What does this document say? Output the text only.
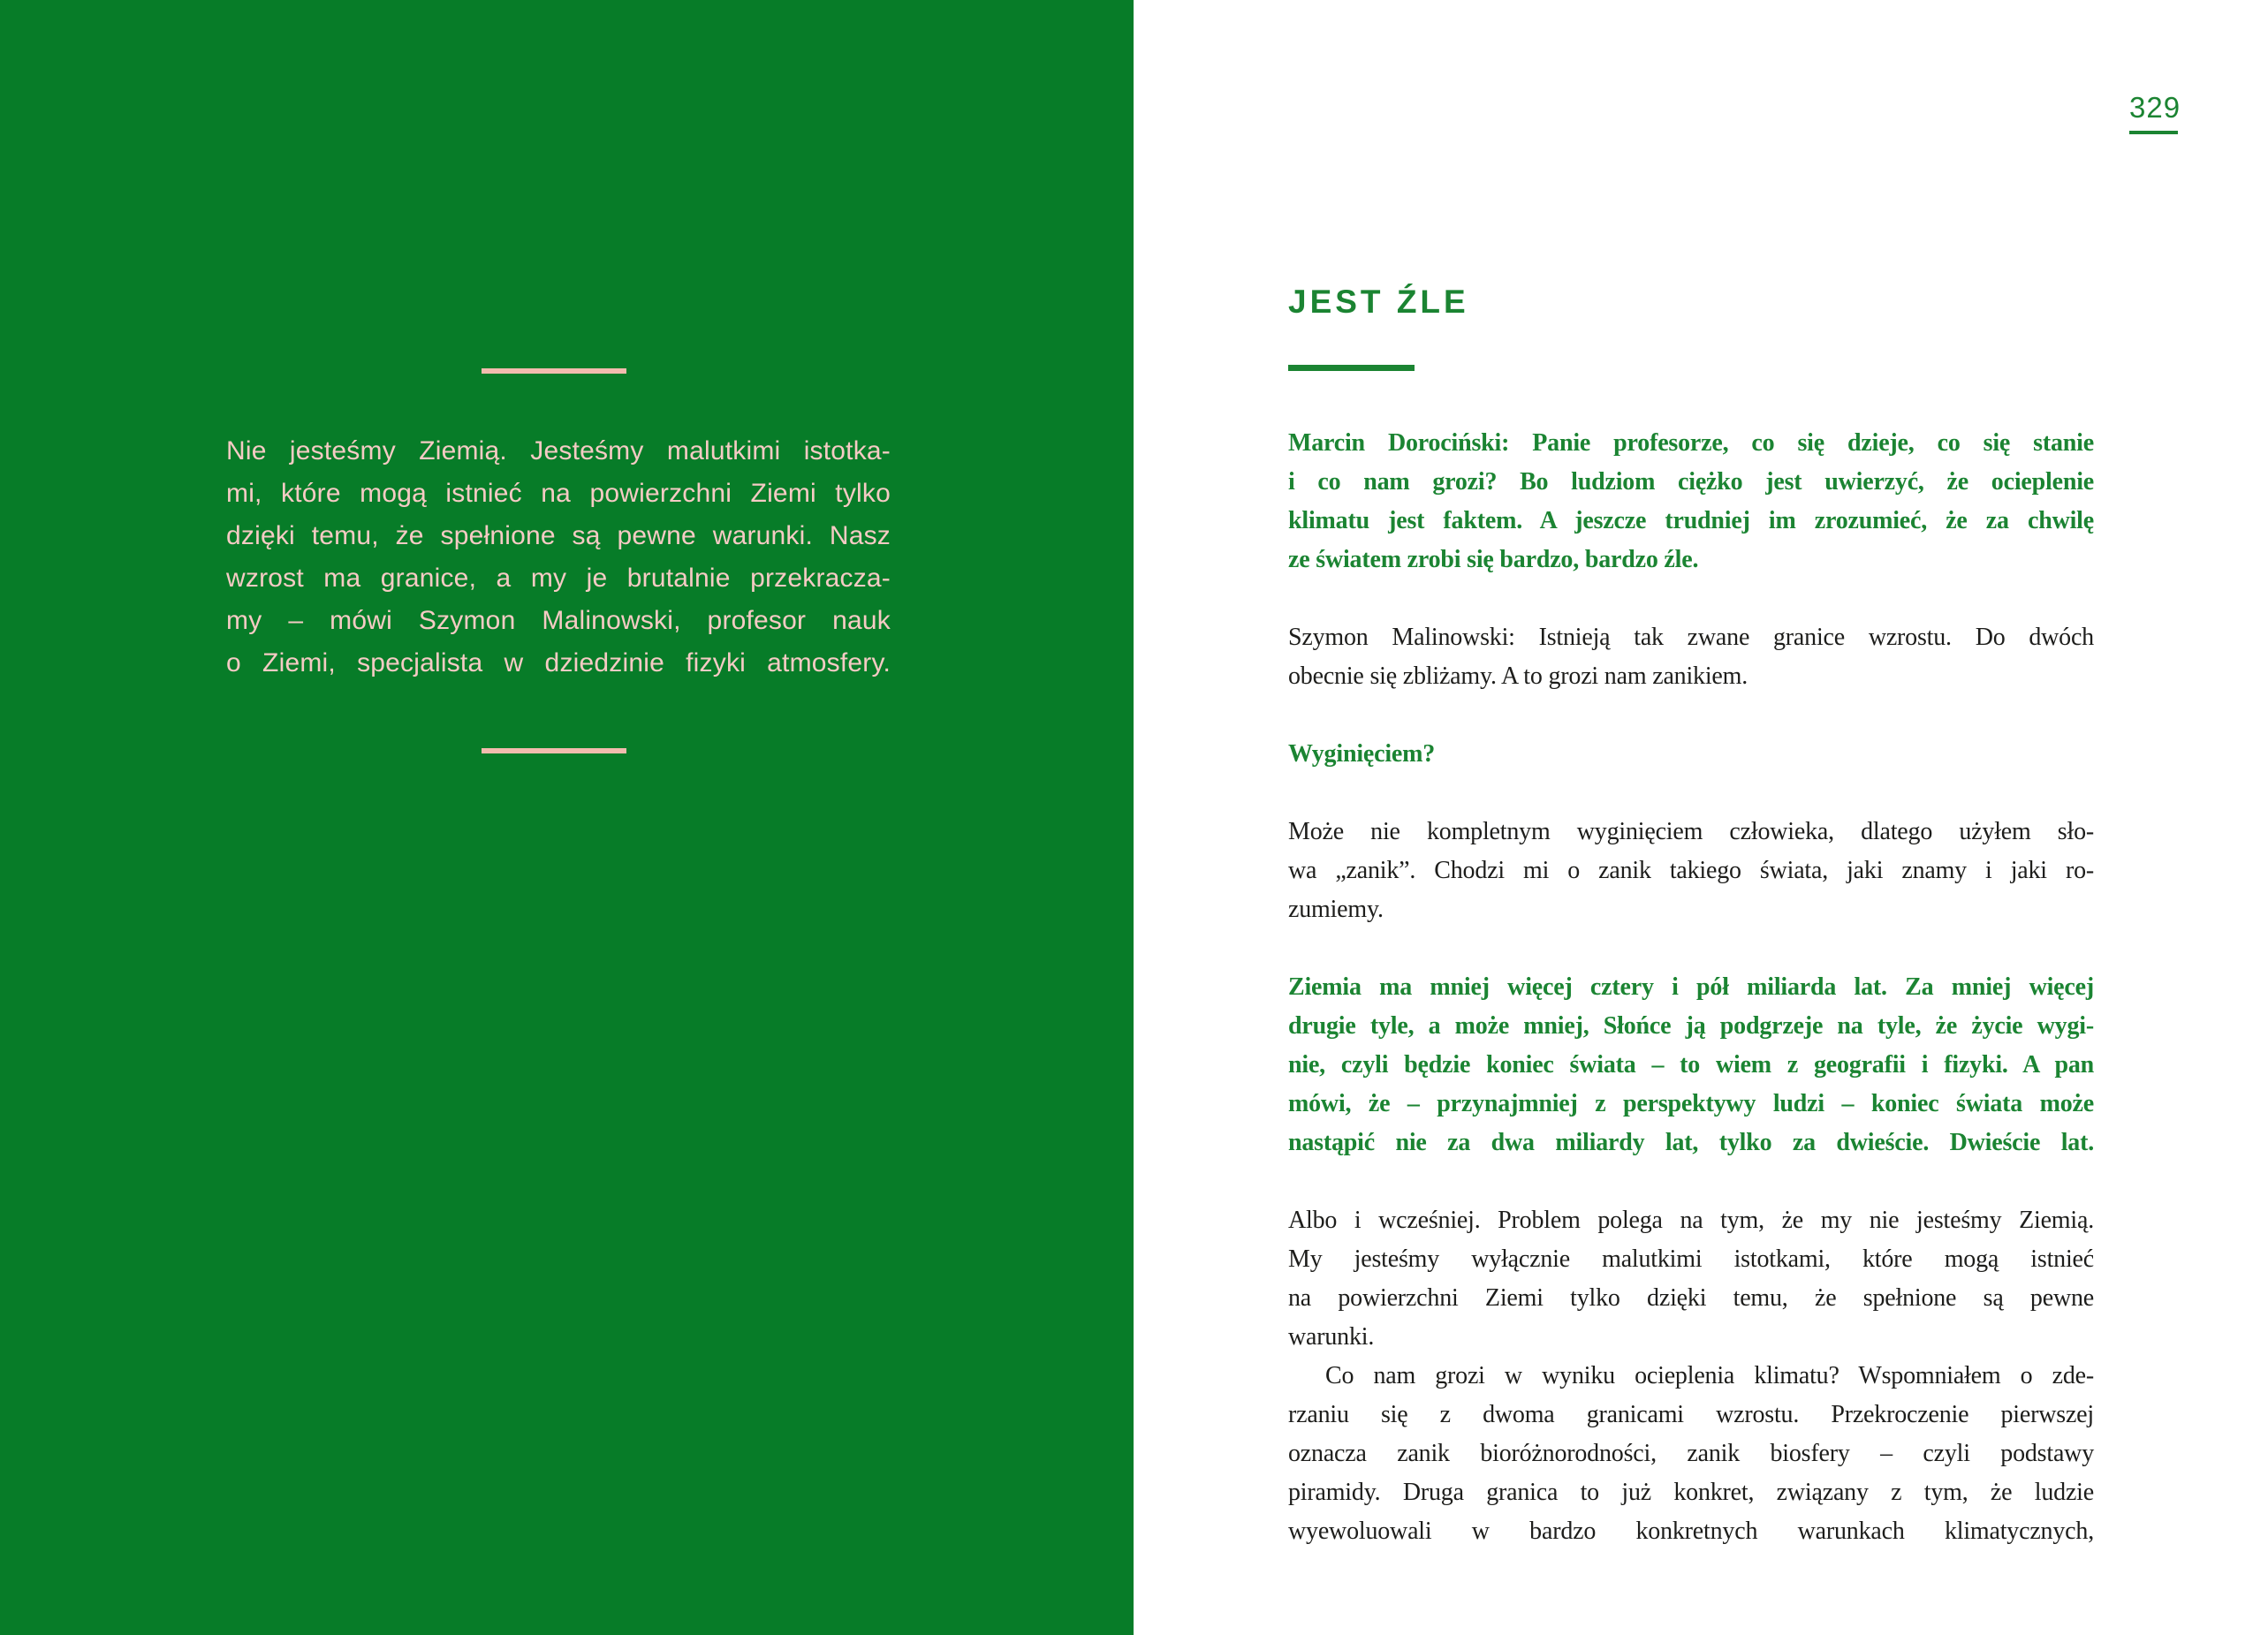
Nie jesteśmy Ziemią. Jesteśmy malutkimi istotka-
mi, które mogą istnieć na powierzchni Ziemi tylko
dzięki temu, że spełnione są pewne warunki. Nasz
wzrost ma granice, a my je brutalnie przekracza-
my – mówi Szymon Malinowski, profesor nauk
o Ziemi, specjalista w dziedzinie fizyki atmosfery.
329
JEST ŹLE
Marcin Dorociński: Panie profesorze, co się dzieje, co się stanie
i co nam grozi? Bo ludziom ciężko jest uwierzyć, że ocieplenie
klimatu jest faktem. A jeszcze trudniej im zrozumieć, że za chwilę
ze światem zrobi się bardzo, bardzo źle.
Szymon Malinowski: Istnieją tak zwane granice wzrostu. Do dwóch
obecnie się zbliżamy. A to grozi nam zanikiem.
Wyginięciem?
Może nie kompletnym wyginięciem człowieka, dlatego użyłem sło-
wa „zanik”. Chodzi mi o zanik takiego świata, jaki znamy i jaki ro-
zumiemy.
Ziemia ma mniej więcej cztery i pół miliarda lat. Za mniej więcej
drugie tyle, a może mniej, Słońce ją podgrzeje na tyle, że życie wygi-
nie, czyli będzie koniec świata – to wiem z geografii i fizyki. A pan
mówi, że – przynajmniej z perspektywy ludzi – koniec świata może
nastąpić nie za dwa miliardy lat, tylko za dwieście. Dwieście lat.
Albo i wcześniej. Problem polega na tym, że my nie jesteśmy Ziemią.
My jesteśmy wyłącznie malutkimi istotkami, które mogą istnieć
na powierzchni Ziemi tylko dzięki temu, że spełnione są pewne
warunki.
Co nam grozi w wyniku ocieplenia klimatu? Wspomniałem o zde-
rzaniu się z dwoma granicami wzrostu. Przekroczenie pierwszej
oznacza zanik bioróżnorodności, zanik biosfery – czyli podstawy
piramidy. Druga granica to już konkret, związany z tym, że ludzie
wyewoluowali w bardzo konkretnych warunkach klimatycznych,
